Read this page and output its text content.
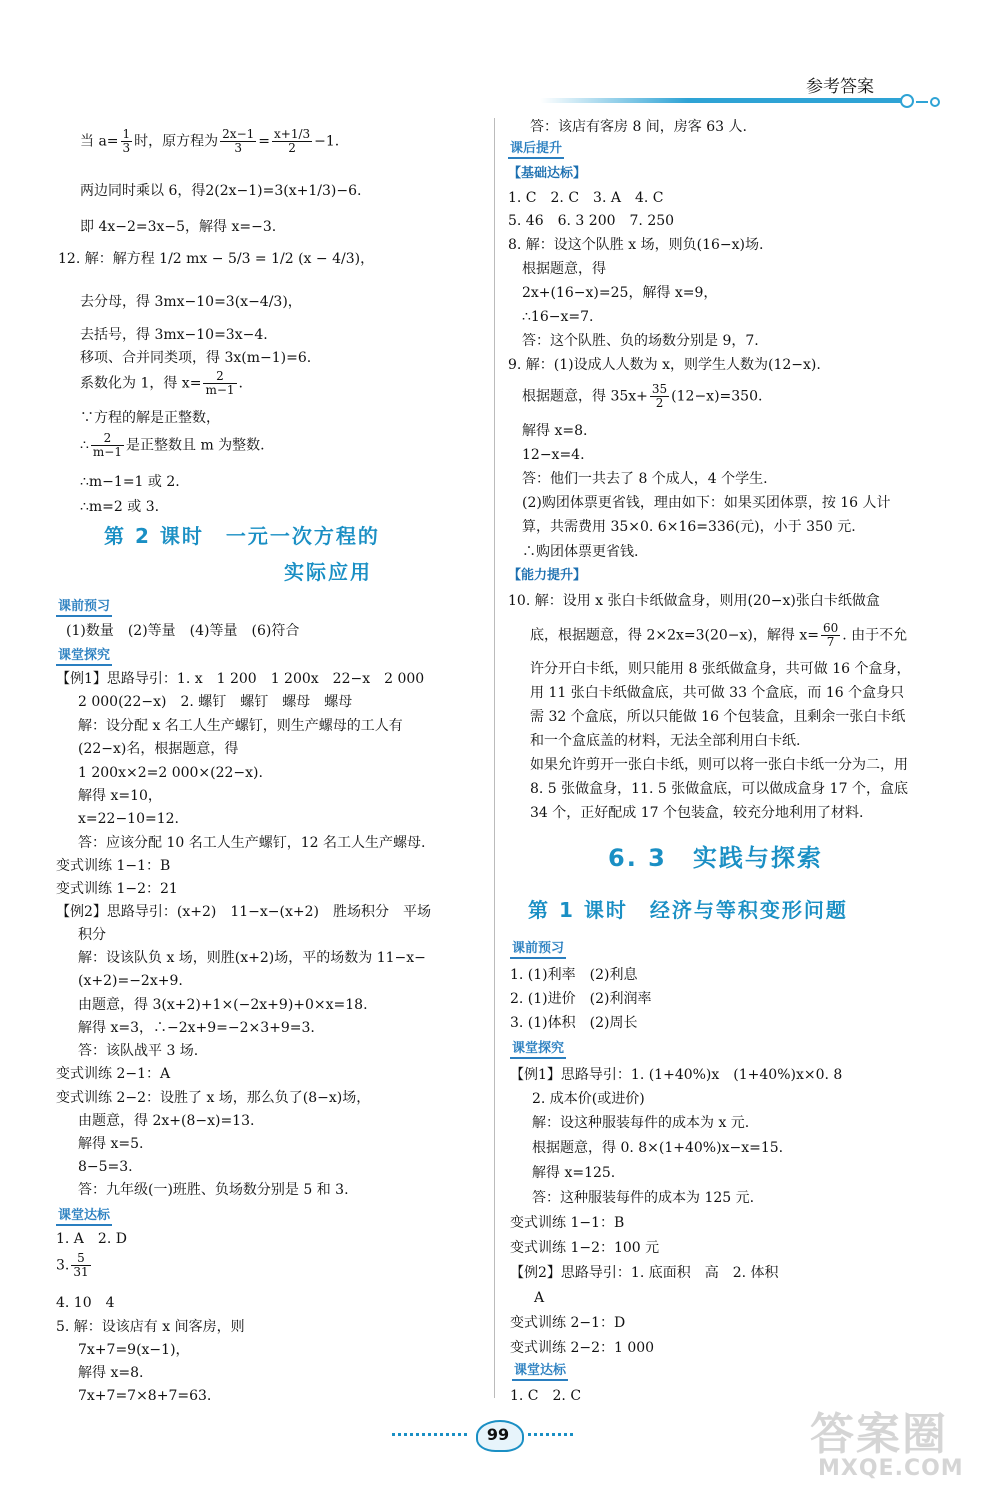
参考答案
当 $a= \frac{1}{3}$ 时，原方程为 $\frac{2x-1}{3} = \frac{x+1/3}{2} -1$.
两边同时乘以 6，得2(2x−1)=3(x+1/3)−6.
即 4x−2=3x−5，解得 x=−3.
12. 解：解方程 1/2 mx − 5/3 = 1/2 (x − 4/3)，
去分母，得 3mx−10=3(x−4/3)，
去括号，得 3mx−10=3x−4.
移项、合并同类项，得 3x(m−1)=6.
系数化为 1，得 $x= \frac{2}{m-1}$ .
∵方程的解是正整数，
∴ $\frac{2}{m-1}$ 是正整数且 m 为整数.
∴m−1=1 或 2.
∴m=2 或 3.
第 2 课时　一元一次方程的
实际应用
课前预习
(1)数量　(2)等量　(4)等量　(6)符合
课堂探究
【例1】思路导引：1. x　1 200　1 200x　22−x　2 000
2 000(22−x)　2. 螺钉　螺钉　螺母　螺母
解：设分配 x 名工人生产螺钉，则生产螺母的工人有
(22−x)名，根据题意，得
1 200x×2=2 000×(22−x).
解得 x=10，
x=22−10=12.
答：应该分配 10 名工人生产螺钉，12 名工人生产螺母.
变式训练 1−1：B
变式训练 1−2：21
【例2】思路导引：(x+2)　11−x−(x+2)　胜场积分　平场
积分
解：设该队负 x 场，则胜(x+2)场，平的场数为 11−x−
(x+2)=−2x+9.
由题意，得 3(x+2)+1×(−2x+9)+0×x=18.
解得 x=3，∴−2x+9=−2×3+9=3.
答：该队战平 3 场.
变式训练 2−1：A
变式训练 2−2：设胜了 x 场，那么负了(8−x)场，
由题意，得 2x+(8−x)=13.
解得 x=5.
8−5=3.
答：九年级(一)班胜、负场数分别是 5 和 3.
课堂达标
1. A　2. D
3. $\frac{5}{31}$
4. 10　4
5. 解：设该店有 x 间客房，则
7x+7=9(x−1)，
解得 x=8.
7x+7=7×8+7=63.
答：该店有客房 8 间，房客 63 人.
课后提升
【基础达标】
1. C　2. C　3. A　4. C
5. 46　6. 3 200　7. 250
8. 解：设这个队胜 x 场，则负(16−x)场.
根据题意，得
2x+(16−x)=25，解得 x=9，
∴16−x=7.
答：这个队胜、负的场数分别是 9，7.
9. 解：(1)设成人人数为 x，则学生人数为(12−x).
根据题意，得 $35x+ \frac{35}{2} (12-x)=350$.
解得 x=8.
12−x=4.
答：他们一共去了 8 个成人，4 个学生.
(2)购团体票更省钱，理由如下：如果买团体票，按 16 人计
算，共需费用 35×0. 6×16=336(元)，小于 350 元.
∴购团体票更省钱.
【能力提升】
10. 解：设用 x 张白卡纸做盒身，则用(20−x)张白卡纸做盒
底，根据题意，得 2×2x=3(20−x)，解得 $x= \frac{60}{7}$ . 由于不允
许分开白卡纸，则只能用 8 张纸做盒身，共可做 16 个盒身，
用 11 张白卡纸做盒底，共可做 33 个盒底，而 16 个盒身只
需 32 个盒底，所以只能做 16 个包装盒，且剩余一张白卡纸
和一个盒底盖的材料，无法全部利用白卡纸.
如果允许剪开一张白卡纸，则可以将一张白卡纸一分为二，用
8. 5 张做盒身，11. 5 张做盒底，可以做成盒身 17 个，盒底
34 个，正好配成 17 个包装盒，较充分地利用了材料.
6. 3　实践与探索
第 1 课时　经济与等积变形问题
课前预习
1. (1)利率　(2)利息
2. (1)进价　(2)利润率
3. (1)体积　(2)周长
课堂探究
【例1】思路导引：1. (1+40%)x　(1+40%)x×0. 8
2. 成本价(或进价)
解：设这种服装每件的成本为 x 元.
根据题意，得 0. 8×(1+40%)x−x=15.
解得 x=125.
答：这种服装每件的成本为 125 元.
变式训练 1−1：B
变式训练 1−2：100 元
【例2】思路导引：1. 底面积　高　2. 体积
A
变式训练 2−1：D
变式训练 2−2：1 000
课堂达标
1. C　2. C
99	答案圈
MXQE.COM
